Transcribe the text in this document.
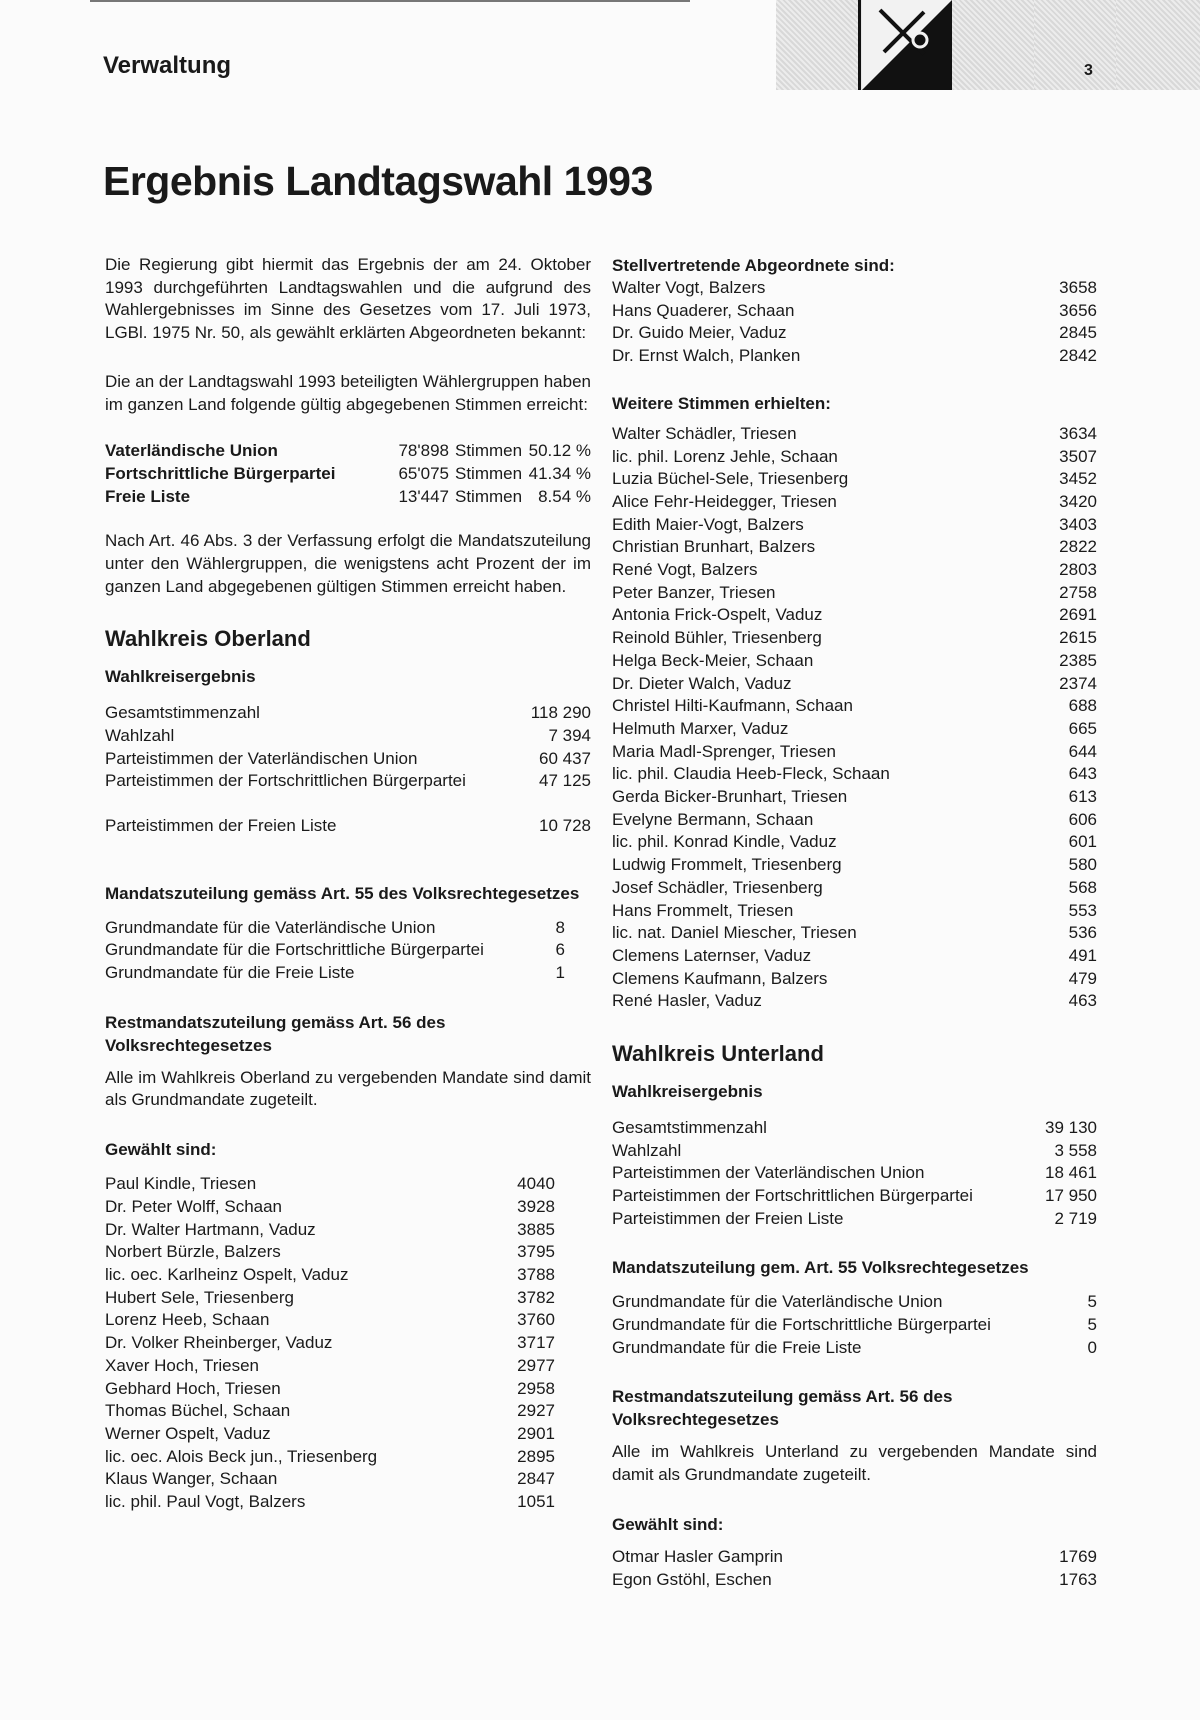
Verwaltung	3
Ergebnis Landtagswahl 1993

Die Regierung gibt hiermit das Ergebnis der am 24. Oktober 1993 durchgeführten Landtagswahlen und die aufgrund des Wahlergebnisses im Sinne des Gesetzes vom 17. Juli 1973, LGBl. 1975 Nr. 50, als gewählt erklärten Abgeordneten bekannt:

Die an der Landtagswahl 1993 beteiligten Wählergruppen haben im ganzen Land folgende gültig abgegebenen Stimmen erreicht:

Vaterländische Union	78'898 Stimmen 50.12 %
Fortschrittliche Bürgerpartei	65'075 Stimmen 41.34 %
Freie Liste	13'447 Stimmen 8.54 %

Nach Art. 46 Abs. 3 der Verfassung erfolgt die Mandatszuteilung unter den Wählergruppen, die wenigstens acht Prozent der im ganzen Land abgegebenen gültigen Stimmen erreicht haben.

Wahlkreis Oberland
Wahlkreisergebnis
Gesamtstimmenzahl	118 290
Wahlzahl	7 394
Parteistimmen der Vaterländischen Union	60 437
Parteistimmen der Fortschrittlichen Bürgerpartei	47 125
Parteistimmen der Freien Liste	10 728
Mandatszuteilung gemäss Art. 55 des Volksrechtegesetzes
Grundmandate für die Vaterländische Union	8
Grundmandate für die Fortschrittliche Bürgerpartei	6
Grundmandate für die Freie Liste	1
Restmandatszuteilung gemäss Art. 56 des Volksrechtegesetzes

Alle im Wahlkreis Oberland zu vergebenden Mandate sind damit als Grundmandate zugeteilt.

Gewählt sind:
Paul Kindle, Triesen	4040
Dr. Peter Wolff, Schaan	3928
Dr. Walter Hartmann, Vaduz	3885
Norbert Bürzle, Balzers	3795
lic. oec. Karlheinz Ospelt, Vaduz	3788
Hubert Sele, Triesenberg	3782
Lorenz Heeb, Schaan	3760
Dr. Volker Rheinberger, Vaduz	3717
Xaver Hoch, Triesen	2977
Gebhard Hoch, Triesen	2958
Thomas Büchel, Schaan	2927
Werner Ospelt, Vaduz	2901
lic. oec. Alois Beck jun., Triesenberg	2895
Klaus Wanger, Schaan	2847
lic. phil. Paul Vogt, Balzers	1051
Stellvertretende Abgeordnete sind:
Walter Vogt, Balzers	3658
Hans Quaderer, Schaan	3656
Dr. Guido Meier, Vaduz	2845
Dr. Ernst Walch, Planken	2842
Weitere Stimmen erhielten:
Walter Schädler, Triesen	3634
lic. phil. Lorenz Jehle, Schaan	3507
Luzia Büchel-Sele, Triesenberg	3452
Alice Fehr-Heidegger, Triesen	3420
Edith Maier-Vogt, Balzers	3403
Christian Brunhart, Balzers	2822
René Vogt, Balzers	2803
Peter Banzer, Triesen	2758
Antonia Frick-Ospelt, Vaduz	2691
Reinold Bühler, Triesenberg	2615
Helga Beck-Meier, Schaan	2385
Dr. Dieter Walch, Vaduz	2374
Christel Hilti-Kaufmann, Schaan	688
Helmuth Marxer, Vaduz	665
Maria Madl-Sprenger, Triesen	644
lic. phil. Claudia Heeb-Fleck, Schaan	643
Gerda Bicker-Brunhart, Triesen	613
Evelyne Bermann, Schaan	606
lic. phil. Konrad Kindle, Vaduz	601
Ludwig Frommelt, Triesenberg	580
Josef Schädler, Triesenberg	568
Hans Frommelt, Triesen	553
lic. nat. Daniel Miescher, Triesen	536
Clemens Laternser, Vaduz	491
Clemens Kaufmann, Balzers	479
René Hasler, Vaduz	463
Wahlkreis Unterland
Wahlkreisergebnis
Gesamtstimmenzahl	39 130
Wahlzahl	3 558
Parteistimmen der Vaterländischen Union	18 461
Parteistimmen der Fortschrittlichen Bürgerpartei	17 950
Parteistimmen der Freien Liste	2 719
Mandatszuteilung gem. Art. 55 Volksrechtegesetzes
Grundmandate für die Vaterländische Union	5
Grundmandate für die Fortschrittliche Bürgerpartei	5
Grundmandate für die Freie Liste	0
Restmandatszuteilung gemäss Art. 56 des Volksrechtegesetzes

Alle im Wahlkreis Unterland zu vergebenden Mandate sind damit als Grundmandate zugeteilt.

Gewählt sind:
Otmar Hasler Gamprin	1769
Egon Gstöhl, Eschen	1763
